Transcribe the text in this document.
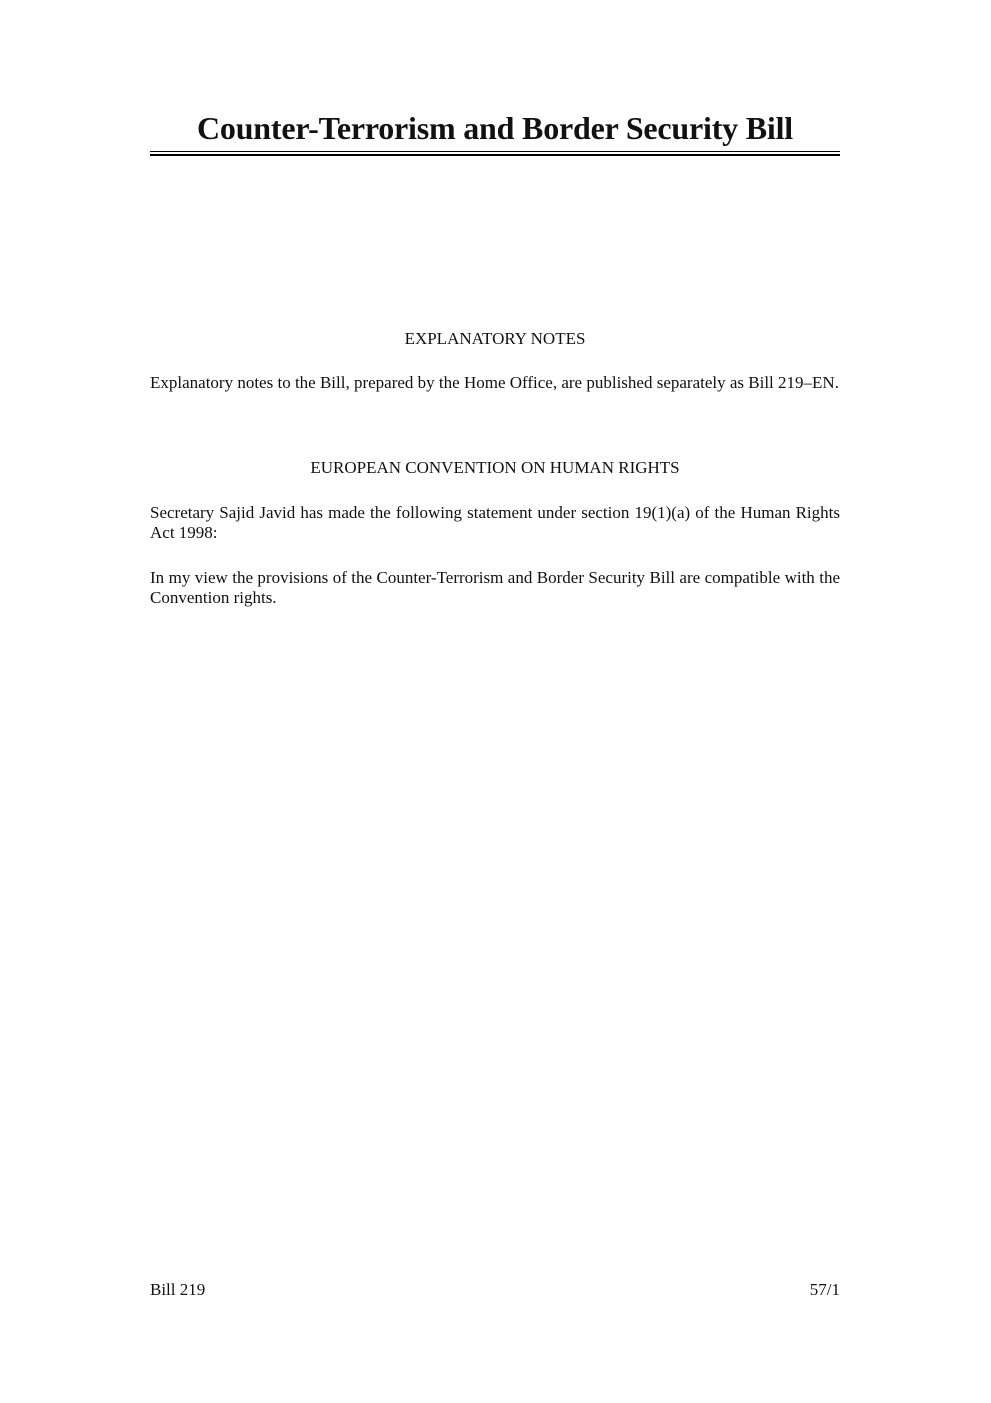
Counter-Terrorism and Border Security Bill
EXPLANATORY NOTES
Explanatory notes to the Bill, prepared by the Home Office, are published separately as Bill 219–EN.
EUROPEAN CONVENTION ON HUMAN RIGHTS
Secretary Sajid Javid has made the following statement under section 19(1)(a) of the Human Rights Act 1998:
In my view the provisions of the Counter-Terrorism and Border Security Bill are compatible with the Convention rights.
Bill 219	57/1
